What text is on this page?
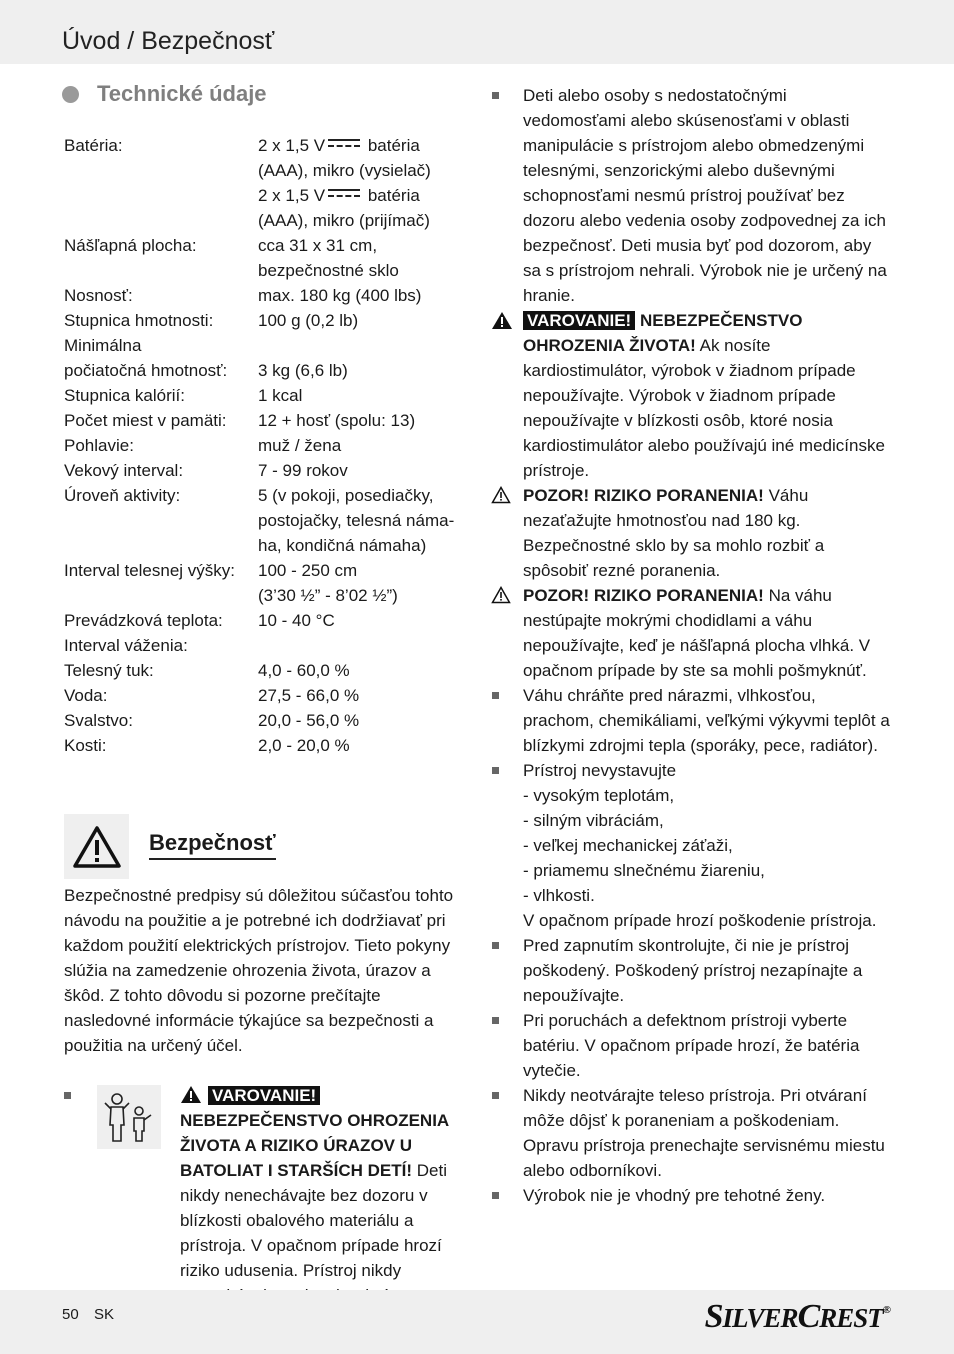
Úvod / Bezpečnosť
Technické údaje
Batéria:	2 x 1,5 V batéria
	(AAA), mikro (vysielač)
	2 x 1,5 V batéria
	(AAA), mikro (prijímač)
Nášľapná plocha:	cca 31 x 31 cm,
	bezpečnostné sklo
Nosnosť:	max. 180 kg (400 lbs)
Stupnica hmotnosti:	100 g (0,2 lb)
Minimálna	
počiatočná hmotnosť:	3 kg (6,6 lb)
Stupnica kalórií:	1 kcal
Počet miest v pamäti:	12 + hosť (spolu: 13)
Pohlavie:	muž / žena
Vekový interval:	7 - 99 rokov
Úroveň aktivity:	5 (v pokoji, posediačky,
	postojačky, telesná náma-
	ha, kondičná námaha)
Interval telesnej výšky:	100 - 250 cm
	(3’30 ½” - 8’02 ½”)
Prevádzková teplota:	10 - 40 °C

Interval váženia:	
Telesný tuk:	4,0 - 60,0 %
Voda:	27,5 - 66,0 %
Svalstvo:	20,0 - 56,0 %
Kosti:	2,0 - 20,0 %
Bezpečnosť
Bezpečnostné predpisy sú dôležitou súčasťou tohto návodu na použitie a je potrebné ich dodržiavať pri každom použití elektrických prístrojov. Tieto pokyny slúžia na zamedzenie ohrozenia života, úrazov a škôd. Z tohto dôvodu si pozorne prečítajte nasledovné informácie týkajúce sa bezpečnosti a použitia na určený účel.
VAROVANIE! NEBEZPEČENSTVO OHROZENIA ŽIVOTA A RIZIKO ÚRAZOV U BATOLIAT I STARŠÍCH DETÍ! Deti nikdy nenechávajte bez dozoru v blízkosti obalového materiálu a prístroja. V opačnom prípade hrozí riziko udusenia. Prístroj nikdy

Deti alebo osoby s nedostatočnými vedomosťami alebo skúsenosťami v oblasti manipulácie s prístrojom alebo obmedzenými telesnými, senzorickými alebo duševnými schopnosťami nesmú prístroj používať bez dozoru alebo vedenia osoby zodpovednej za ich bezpečnosť. Deti musia byť pod dozorom, aby sa s prístrojom nehrali. Výrobok nie je určený na hranie.

VAROVANIE! NEBEZPEČENSTVO OHROZENIA ŽIVOTA! Ak nosíte kardiostimulátor, výrobok v žiadnom prípade nepoužívajte. Výrobok v žiadnom prípade nepoužívajte v blízkosti osôb, ktoré nosia kardiostimulátor alebo používajú iné medicínske prístroje.

POZOR! RIZIKO PORANENIA! Váhu nezaťažujte hmotnosťou nad 180 kg. Bezpečnostné sklo by sa mohlo rozbiť a spôsobiť rezné poranenia.

POZOR! RIZIKO PORANENIA! Na váhu nestúpajte mokrými chodidlami a váhu nepoužívajte, keď je nášľapná plocha vlhká. V opačnom prípade by ste sa mohli pošmyknúť.

Váhu chráňte pred nárazmi, vlhkosťou, prachom, chemikáliami, veľkými výkyvmi teplôt a blízkymi zdrojmi tepla (sporáky, pece, radiátor).

Prístroj nevystavujte
- vysokým teplotám,
- silným vibráciám,
- veľkej mechanickej záťaži,
- priamemu slnečnému žiareniu,
- vlhkosti.
V opačnom prípade hrozí poškodenie prístroja.

Pred zapnutím skontrolujte, či nie je prístroj poškodený. Poškodený prístroj nezapínajte a nepoužívajte.

Pri poruchách a defektnom prístroji vyberte batériu. V opačnom prípade hrozí, že batéria vytečie.

Nikdy neotvárajte teleso prístroja. Pri otváraní môže dôjsť k poraneniam a poškodeniam. Opravu prístroja prenechajte servisnému miestu alebo odborníkovi.

Výrobok nie je vhodný pre tehotné ženy.

50 SK	SILVERCREST®
